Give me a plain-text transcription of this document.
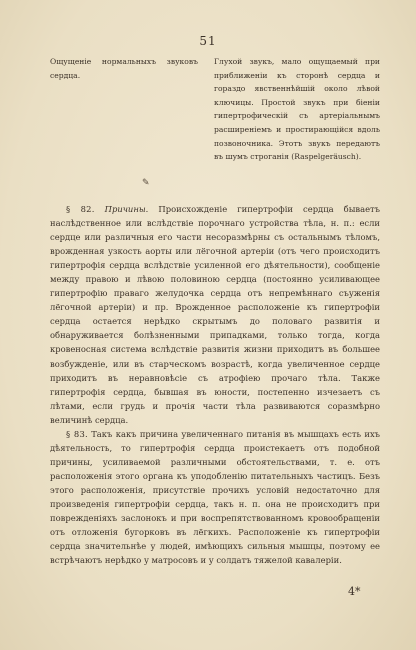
51
Ощущеніе нормальныхъ звуковъ сердца.
Глухой звукъ, мало ощущаемый при приближеніи къ сторонѣ сердца и гораздо явственнѣйшій около лѣвой ключицы. Простой звукъ при біеніи гипертрофическій съ артеріальнымъ расширеніемъ и простирающійся вдоль позвоночника. Этотъ звукъ передаютъ въ шумъ строганія (Raspelgeräusch).
✎

§ 82. Причины. Происхожденіе гипертрофіи сердца бываетъ наслѣдственное или вслѣдствіе порочнаго устройства тѣла, н. п.: если сердце или различныя его части несоразмѣрны съ остальнымъ тѣломъ, врожденная узкость аорты или лёгочной артеріи (отъ чего происходитъ гипертрофія сердца вслѣдствіе усиленной его дѣятельности), сообщеніе между правою и лѣвою половиною сердца (постоянно усиливающее гипертрофію праваго желудочка сердца отъ непремѣннаго съуженія лёгочной артеріи) и пр. Врожденное расположеніе къ гипертрофіи сердца остается нерѣдко скрытымъ до половаго развитія и обнаруживается болѣзненными припадками, только тогда, когда кровеносная система вслѣдствіе развитія жизни приходитъ въ большее возбужденіе, или въ старческомъ возрастѣ, когда увеличенное сердце приходитъ въ неравновѣсіе съ атрофіею прочаго тѣла. Также гипертрофія сердца, бывшая въ юности, постепенно изчезаетъ съ лѣтами, если грудь и прочія части тѣла развиваются соразмѣрно величинѣ сердца.

§ 83. Такъ какъ причина увеличеннаго питанія въ мышцахъ есть ихъ дѣятельность, то гипертрофія сердца проистекаетъ отъ подобной причины, усиливаемой различными обстоятельствами, т. е. отъ расположенія этого органа къ уподобленію питательныхъ частицъ. Безъ этого расположенія, присутствіе прочихъ условій недостаточно для произведенія гипертрофіи сердца, такъ н. п. она не происходитъ при поврежденіяхъ заслонокъ и при воспрепятствованномъ кровообращеніи отъ отложенія бугорковъ въ лёгкихъ. Расположеніе къ гипертрофіи сердца значительнѣе у людей, имѣющихъ сильныя мышцы, поэтому ее встрѣчаютъ нерѣдко у матросовъ и у солдатъ тяжелой кавалеріи.

4*
